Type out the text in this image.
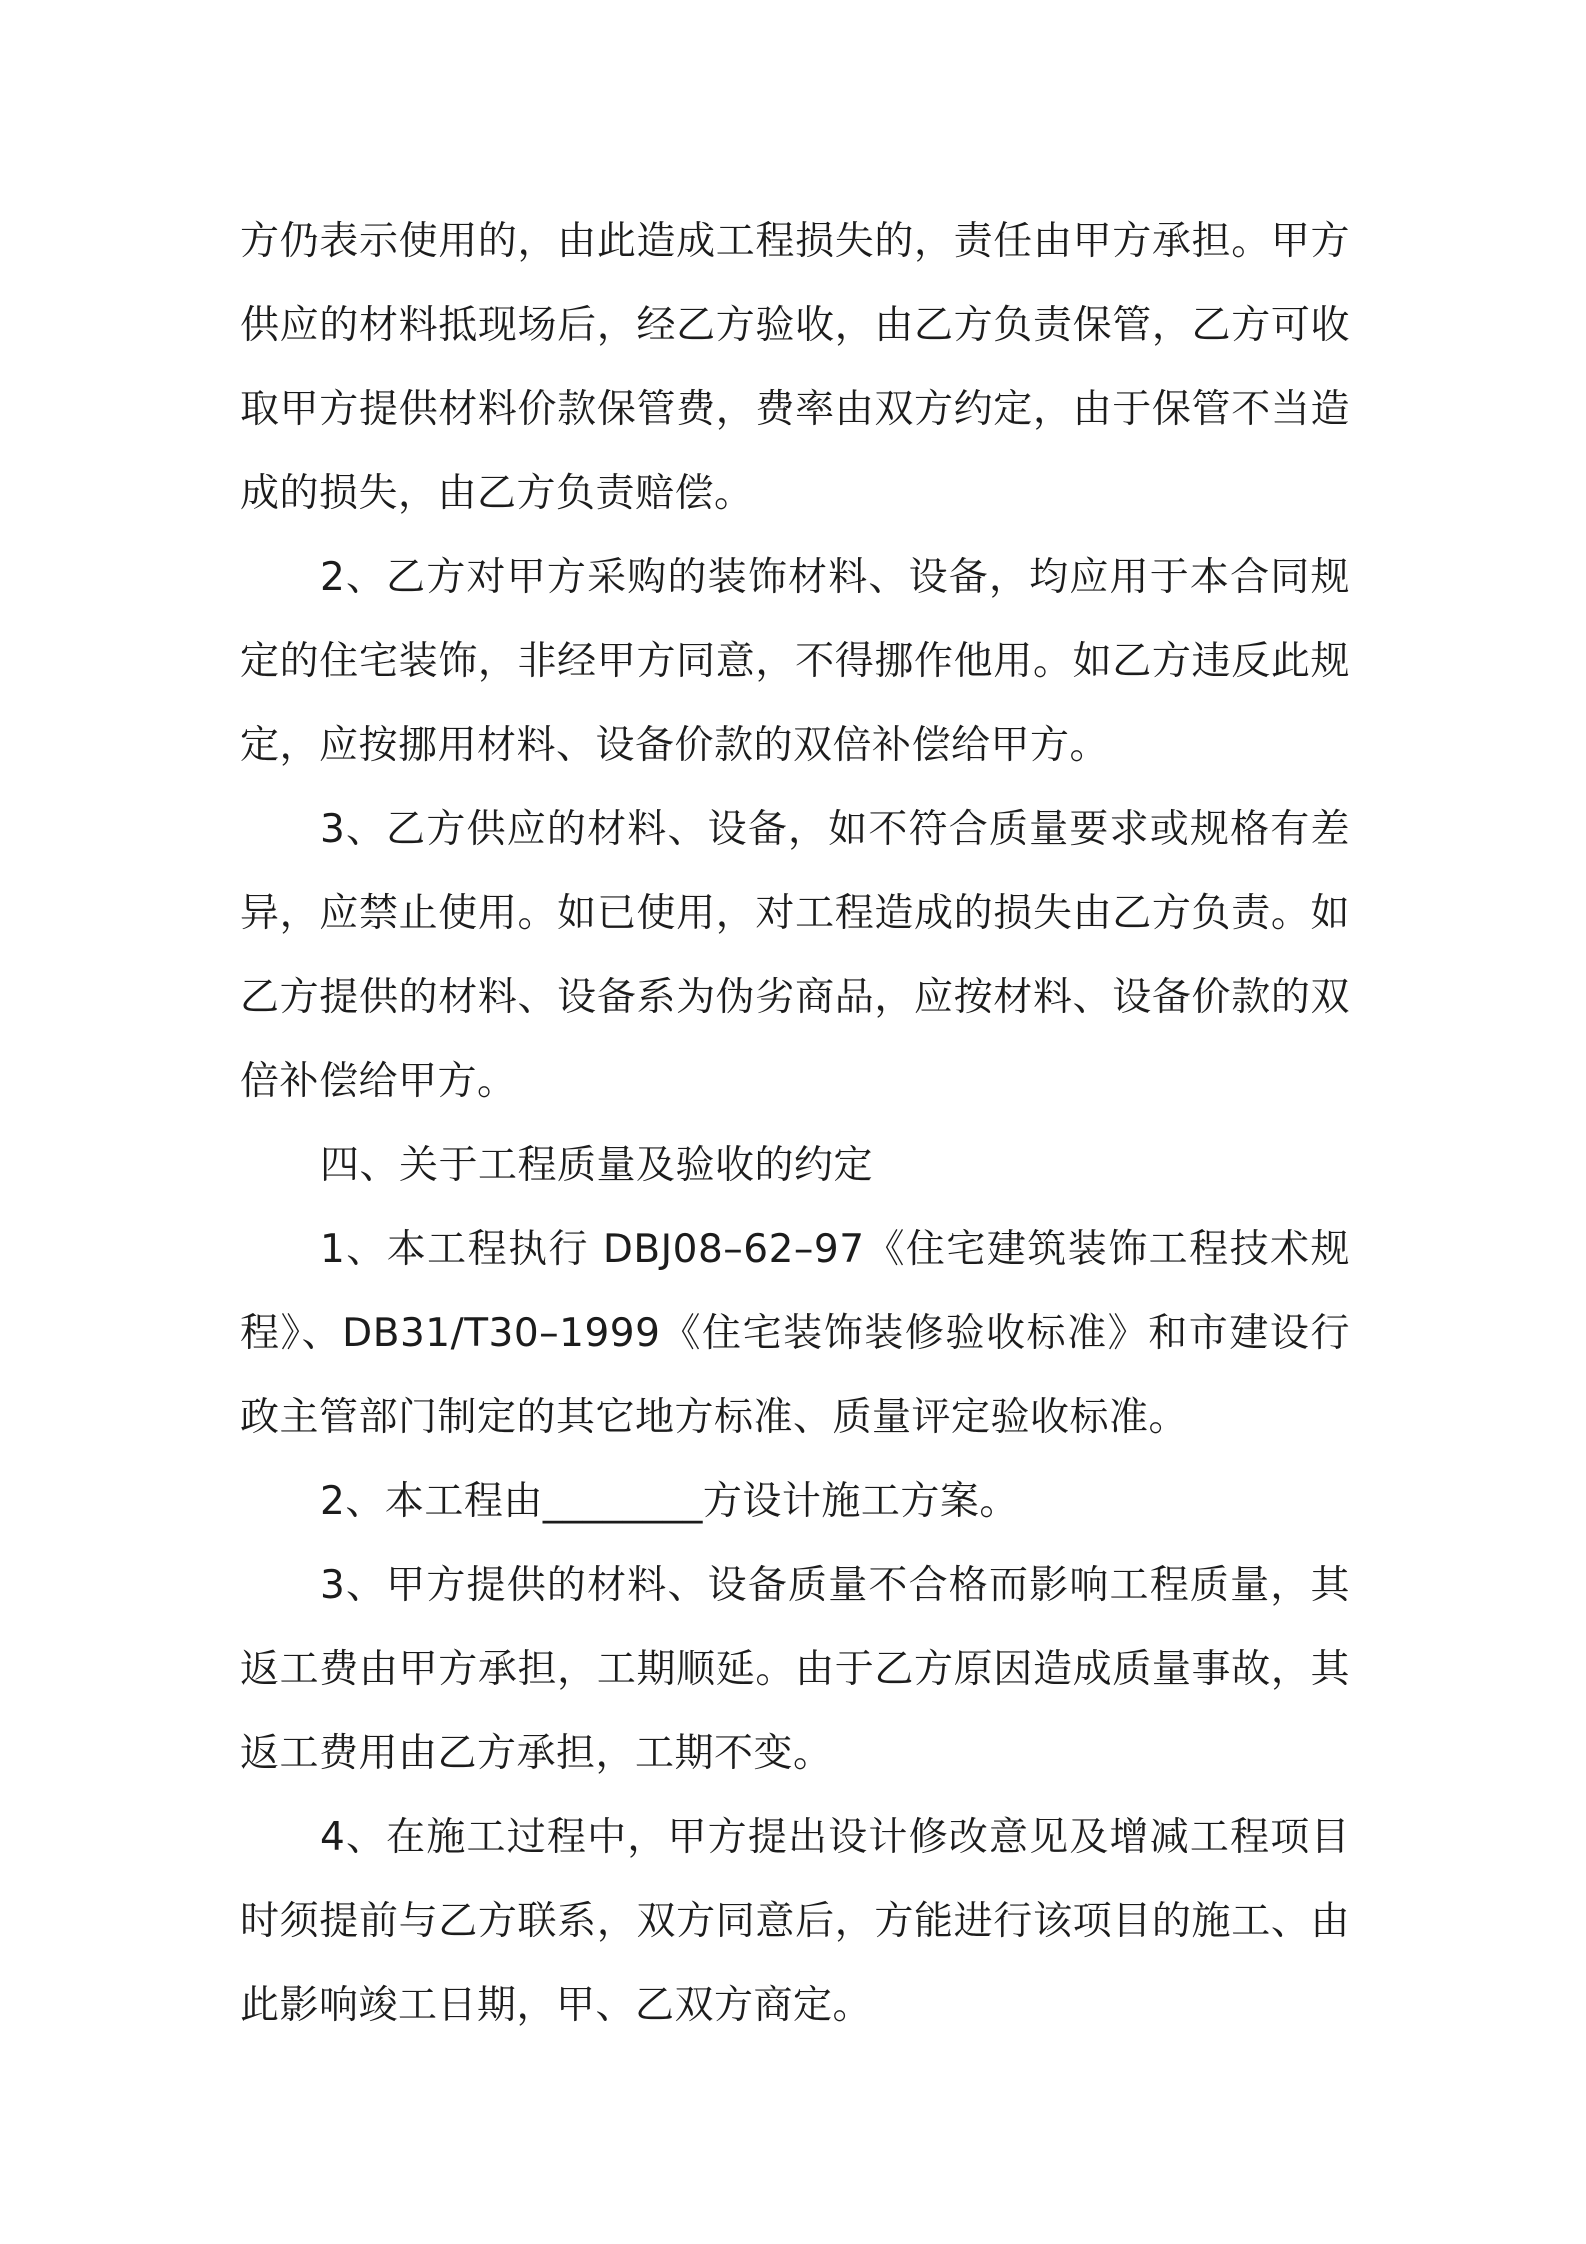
方仍表示使用的，由此造成工程损失的，责任由甲方承担。甲方供应的材料抵现场后，经乙方验收，由乙方负责保管，乙方可收取甲方提供材料价款保管费，费率由双方约定，由于保管不当造成的损失，由乙方负责赔偿。

2、乙方对甲方采购的装饰材料、设备，均应用于本合同规定的住宅装饰，非经甲方同意，不得挪作他用。如乙方违反此规定，应按挪用材料、设备价款的双倍补偿给甲方。

3、乙方供应的材料、设备，如不符合质量要求或规格有差异，应禁止使用。如已使用，对工程造成的损失由乙方负责。如乙方提供的材料、设备系为伪劣商品，应按材料、设备价款的双倍补偿给甲方。

四、关于工程质量及验收的约定

1、本工程执行 DBJ08–62–97《住宅建筑装饰工程技术规程》、DB31/T30–1999《住宅装饰装修验收标准》和市建设行政主管部门制定的其它地方标准、质量评定验收标准。

2、本工程由________方设计施工方案。

3、甲方提供的材料、设备质量不合格而影响工程质量，其返工费由甲方承担，工期顺延。由于乙方原因造成质量事故，其返工费用由乙方承担，工期不变。

4、在施工过程中，甲方提出设计修改意见及增减工程项目时须提前与乙方联系，双方同意后，方能进行该项目的施工、由此影响竣工日期，甲、乙双方商定。
